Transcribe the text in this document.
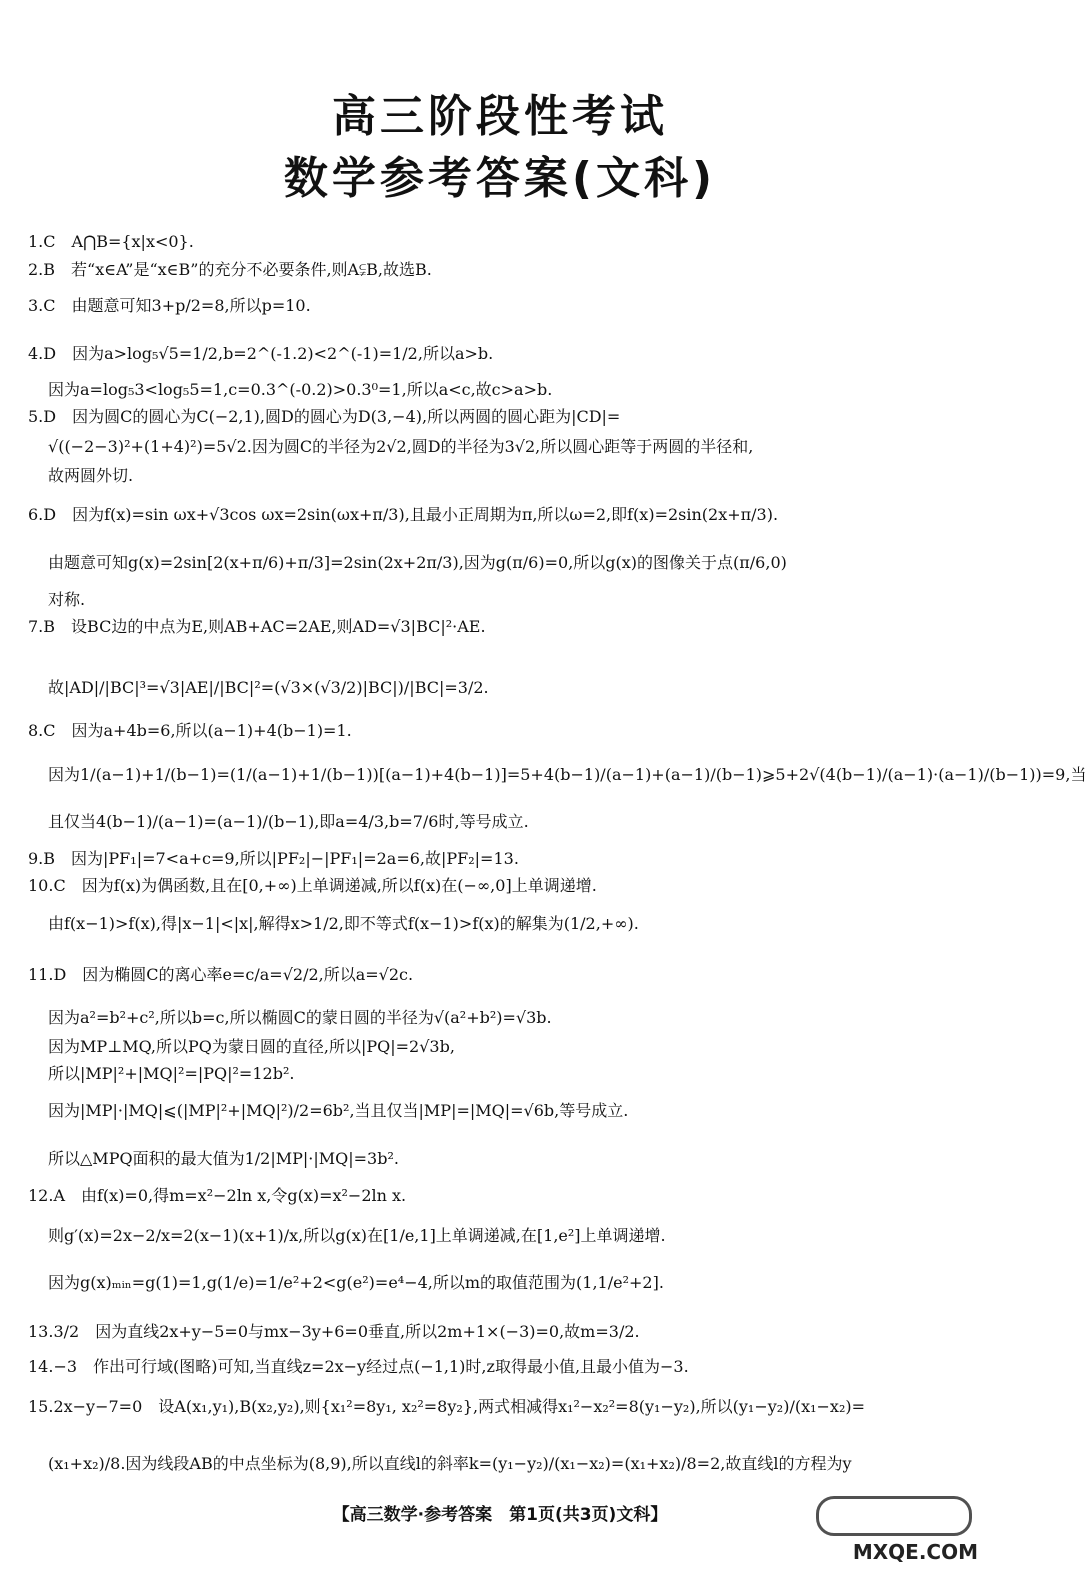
高三阶段性考试
数学参考答案(文科)
1.C　A⋂B={x|x<0}.
2.B　若“x∈A”是“x∈B”的充分不必要条件,则A⫋B,故选B.
3.C　由题意可知3+p/2=8,所以p=10.
4.D　因为a>log₅√5=1/2,b=2^(-1.2)<2^(-1)=1/2,所以a>b.
因为a=log₅3<log₅5=1,c=0.3^(-0.2)>0.3⁰=1,所以a<c,故c>a>b.
5.D　因为圆C的圆心为C(−2,1),圆D的圆心为D(3,−4),所以两圆的圆心距为|CD|=
√((−2−3)²+(1+4)²)=5√2.因为圆C的半径为2√2,圆D的半径为3√2,所以圆心距等于两圆的半径和,
故两圆外切.
6.D　因为f(x)=sin ωx+√3cos ωx=2sin(ωx+π/3),且最小正周期为π,所以ω=2,即f(x)=2sin(2x+π/3).
由题意可知g(x)=2sin[2(x+π/6)+π/3]=2sin(2x+2π/3),因为g(π/6)=0,所以g(x)的图像关于点(π/6,0)
对称.
7.B　设BC边的中点为E,则AB+AC=2AE,则AD=√3|BC|²·AE.
故|AD|/|BC|³=√3|AE|/|BC|²=(√3×(√3/2)|BC|)/|BC|=3/2.
8.C　因为a+4b=6,所以(a−1)+4(b−1)=1.
因为1/(a−1)+1/(b−1)=(1/(a−1)+1/(b−1))[(a−1)+4(b−1)]=5+4(b−1)/(a−1)+(a−1)/(b−1)⩾5+2√(4(b−1)/(a−1)·(a−1)/(b−1))=9,当
且仅当4(b−1)/(a−1)=(a−1)/(b−1),即a=4/3,b=7/6时,等号成立.
9.B　因为|PF₁|=7<a+c=9,所以|PF₂|−|PF₁|=2a=6,故|PF₂|=13.
10.C　因为f(x)为偶函数,且在[0,+∞)上单调递减,所以f(x)在(−∞,0]上单调递增.
由f(x−1)>f(x),得|x−1|<|x|,解得x>1/2,即不等式f(x−1)>f(x)的解集为(1/2,+∞).
11.D　因为椭圆C的离心率e=c/a=√2/2,所以a=√2c.
因为a²=b²+c²,所以b=c,所以椭圆C的蒙日圆的半径为√(a²+b²)=√3b.
因为MP⊥MQ,所以PQ为蒙日圆的直径,所以|PQ|=2√3b,
所以|MP|²+|MQ|²=|PQ|²=12b².
因为|MP|·|MQ|⩽(|MP|²+|MQ|²)/2=6b²,当且仅当|MP|=|MQ|=√6b,等号成立.
所以△MPQ面积的最大值为1/2|MP|·|MQ|=3b².
12.A　由f(x)=0,得m=x²−2ln x,令g(x)=x²−2ln x.
则g′(x)=2x−2/x=2(x−1)(x+1)/x,所以g(x)在[1/e,1]上单调递减,在[1,e²]上单调递增.
因为g(x)ₘᵢₙ=g(1)=1,g(1/e)=1/e²+2<g(e²)=e⁴−4,所以m的取值范围为(1,1/e²+2].
13.3/2　因为直线2x+y−5=0与mx−3y+6=0垂直,所以2m+1×(−3)=0,故m=3/2.
14.−3　作出可行域(图略)可知,当直线z=2x−y经过点(−1,1)时,z取得最小值,且最小值为−3.
15.2x−y−7=0　设A(x₁,y₁),B(x₂,y₂),则{x₁²=8y₁, x₂²=8y₂},两式相减得x₁²−x₂²=8(y₁−y₂),所以(y₁−y₂)/(x₁−x₂)=
(x₁+x₂)/8.因为线段AB的中点坐标为(8,9),所以直线l的斜率k=(y₁−y₂)/(x₁−x₂)=(x₁+x₂)/8=2,故直线l的方程为y
【高三数学·参考答案　第1页(共3页)文科】
MXQE.COM
